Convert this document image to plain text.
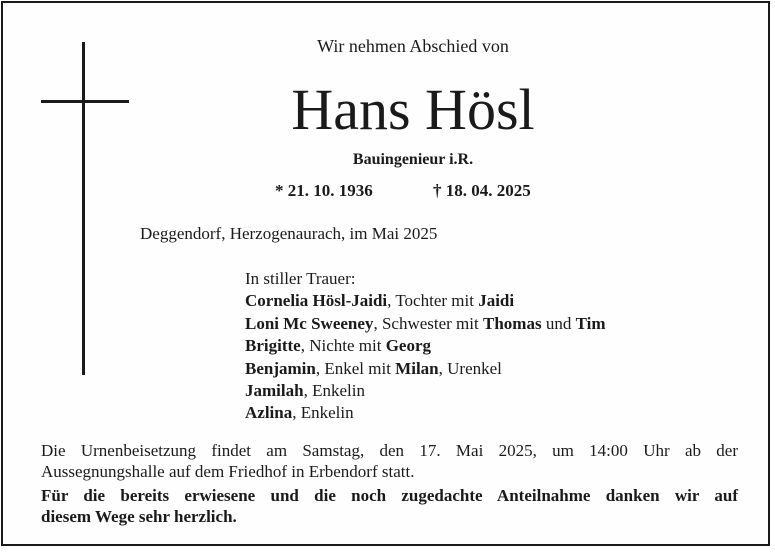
Wir nehmen Abschied von
Hans Hösl
Bauingenieur i.R.
* 21. 10. 1936	† 18. 04. 2025
Deggendorf, Herzogenaurach, im Mai 2025
In stiller Trauer:
Cornelia Hösl-Jaidi, Tochter mit Jaidi
Loni Mc Sweeney, Schwester mit Thomas und Tim
Brigitte, Nichte mit Georg
Benjamin, Enkel mit Milan, Urenkel
Jamilah, Enkelin
Azlina, Enkelin
Die Urnenbeisetzung findet am Samstag, den 17. Mai 2025, um 14:00 Uhr ab der
Aussegnungshalle auf dem Friedhof in Erbendorf statt.
Für die bereits erwiesene und die noch zugedachte Anteilnahme danken wir auf
diesem Wege sehr herzlich.
